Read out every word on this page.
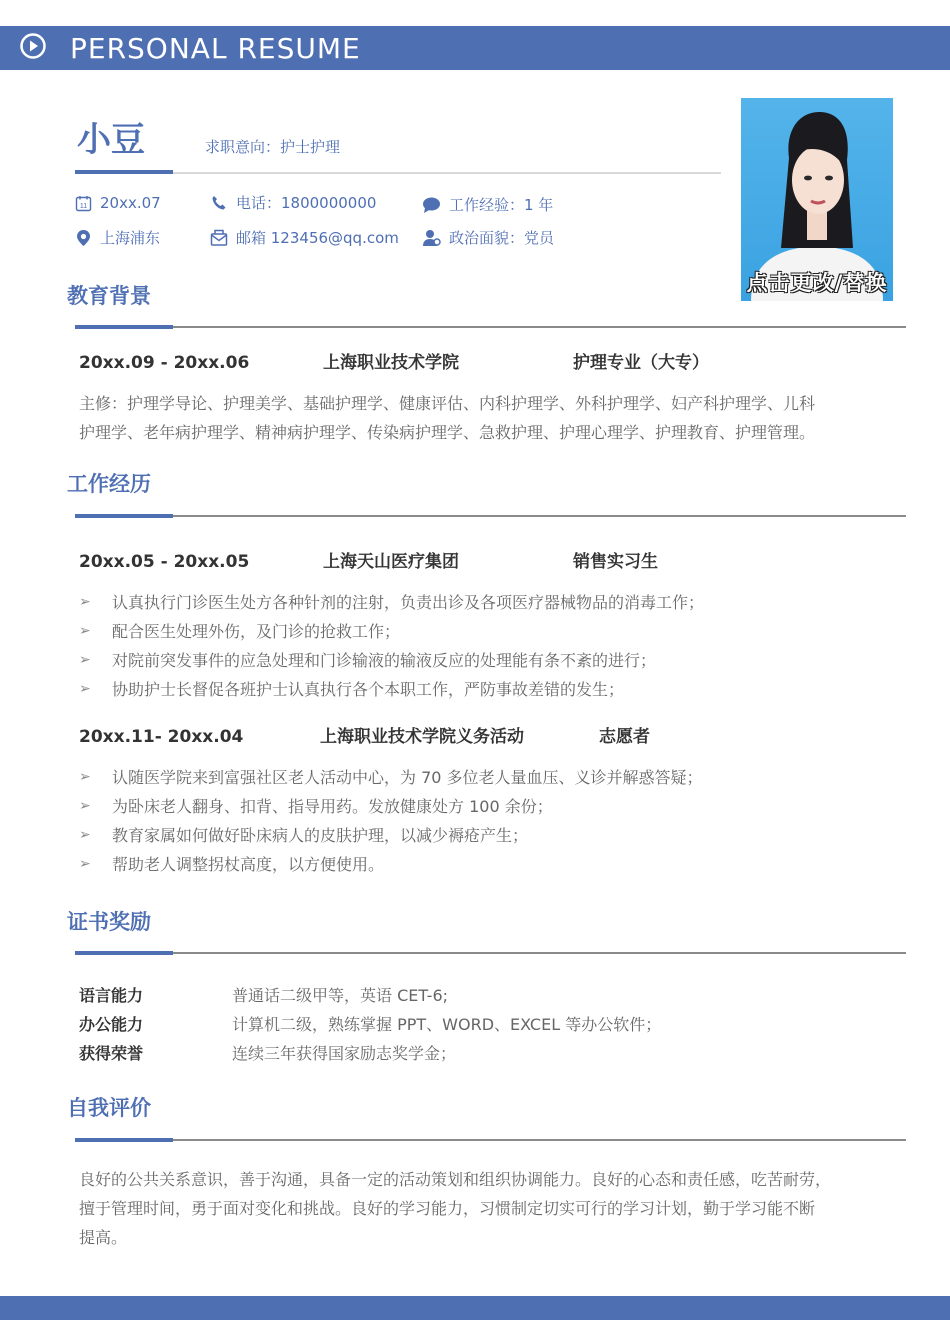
PERSONAL RESUME
小豆	求职意向：护士护理
11 20xx.07	电话：1800000000	工作经验：1 年
上海浦东	邮箱 123456@qq.com	政治面貌：党员
点击更改/替换
教育背景
20xx.09 - 20xx.06	上海职业技术学院	护理专业（大专）
主修：护理学导论、护理美学、基础护理学、健康评估、内科护理学、外科护理学、妇产科护理学、儿科
护理学、老年病护理学、精神病护理学、传染病护理学、急救护理、护理心理学、护理教育、护理管理。
工作经历
20xx.05 - 20xx.05	上海天山医疗集团	销售实习生
➢	认真执行门诊医生处方各种针剂的注射，负责出诊及各项医疗器械物品的消毒工作；
➢	配合医生处理外伤，及门诊的抢救工作；
➢	对院前突发事件的应急处理和门诊输液的输液反应的处理能有条不紊的进行；
➢	协助护士长督促各班护士认真执行各个本职工作，严防事故差错的发生；
20xx.11- 20xx.04	上海职业技术学院义务活动	志愿者
➢	认随医学院来到富强社区老人活动中心，为 70 多位老人量血压、义诊并解惑答疑；
➢	为卧床老人翻身、扣背、指导用药。发放健康处方 100 余份；
➢	教育家属如何做好卧床病人的皮肤护理，以减少褥疮产生；
➢	帮助老人调整拐杖高度，以方便使用。
证书奖励
语言能力	普通话二级甲等，英语 CET-6;
办公能力	计算机二级，熟练掌握 PPT、WORD、EXCEL 等办公软件；
获得荣誉	连续三年获得国家励志奖学金；
自我评价
良好的公共关系意识，善于沟通，具备一定的活动策划和组织协调能力。良好的心态和责任感，吃苦耐劳，
擅于管理时间，勇于面对变化和挑战。良好的学习能力，习惯制定切实可行的学习计划，勤于学习能不断
提高。
